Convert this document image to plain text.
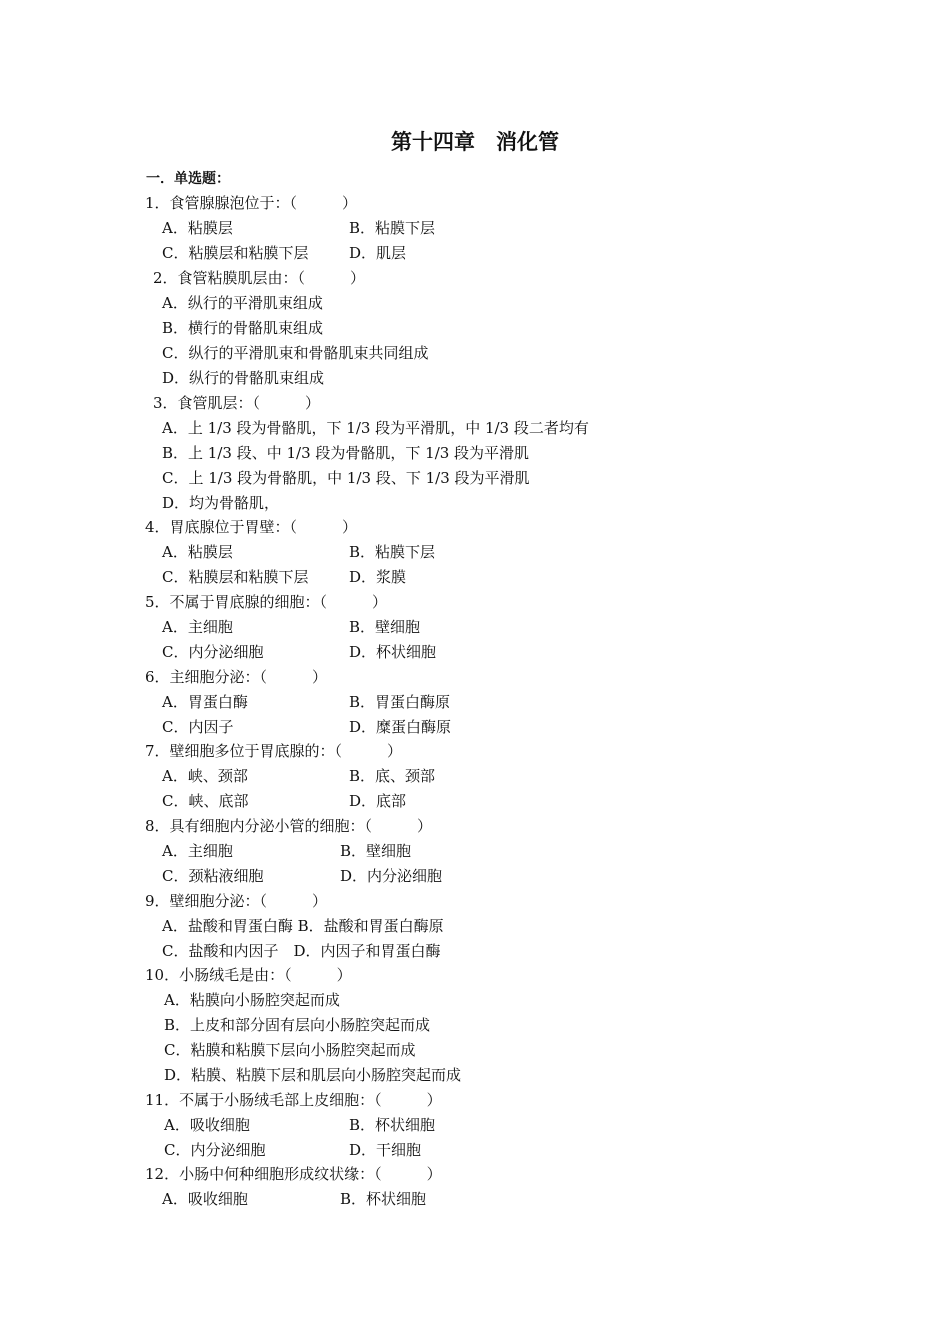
第十四章　消化管
一．单选题：
1．食管腺腺泡位于：（　　　）
A．粘膜层	B．粘膜下层
C．粘膜层和粘膜下层	D．肌层
2．食管粘膜肌层由：（　　　）
A．纵行的平滑肌束组成
B．横行的骨骼肌束组成
C．纵行的平滑肌束和骨骼肌束共同组成
D．纵行的骨骼肌束组成
3．食管肌层：（　　　）
A．上 1/3 段为骨骼肌，下 1/3 段为平滑肌，中 1/3 段二者均有
B．上 1/3 段、中 1/3 段为骨骼肌，下 1/3 段为平滑肌
C．上 1/3 段为骨骼肌，中 1/3 段、下 1/3 段为平滑肌
D．均为骨骼肌，
4．胃底腺位于胃壁：（　　　）
A．粘膜层	B．粘膜下层
C．粘膜层和粘膜下层	D．浆膜
5．不属于胃底腺的细胞：（　　　）
A．主细胞	B．壁细胞
C．内分泌细胞	D．杯状细胞
6．主细胞分泌：（　　　）
A．胃蛋白酶	B．胃蛋白酶原
C．内因子	D．糜蛋白酶原
7．壁细胞多位于胃底腺的：（　　　）
A．峡、颈部	B．底、颈部
C．峡、底部	D．底部
8．具有细胞内分泌小管的细胞：（　　　）
A．主细胞	B．壁细胞
C．颈粘液细胞	D．内分泌细胞
9．壁细胞分泌：（　　　）
A．盐酸和胃蛋白酶 B．盐酸和胃蛋白酶原
C．盐酸和内因子　D．内因子和胃蛋白酶
10．小肠绒毛是由：（　　　）
A．粘膜向小肠腔突起而成
B．上皮和部分固有层向小肠腔突起而成
C．粘膜和粘膜下层向小肠腔突起而成
D．粘膜、粘膜下层和肌层向小肠腔突起而成
11．不属于小肠绒毛部上皮细胞：（　　　）
A．吸收细胞	B．杯状细胞
C．内分泌细胞	D．干细胞
12．小肠中何种细胞形成纹状缘：（　　　）
A．吸收细胞	B．杯状细胞
